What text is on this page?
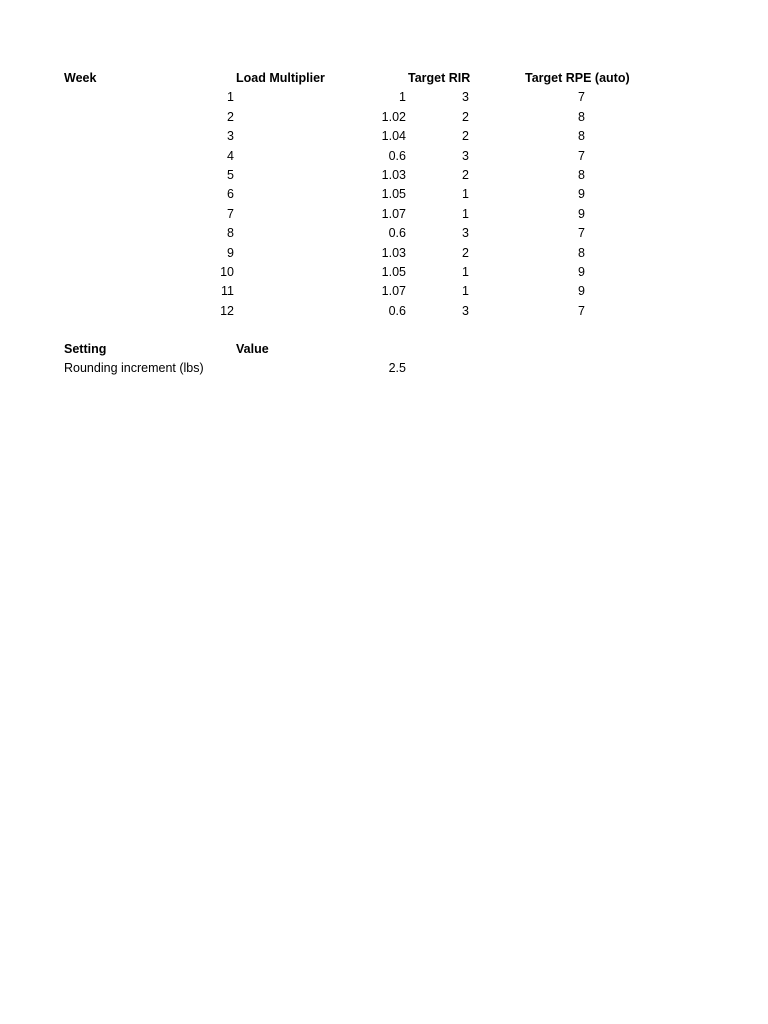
Week	Load Multiplier	Target RIR	Target RPE (auto)
1	1	3	7
2	1.02	2	8
3	1.04	2	8
4	0.6	3	7
5	1.03	2	8
6	1.05	1	9
7	1.07	1	9
8	0.6	3	7
9	1.03	2	8
10	1.05	1	9
11	1.07	1	9
12	0.6	3	7
Setting	Value
Rounding increment (lbs)	2.5
